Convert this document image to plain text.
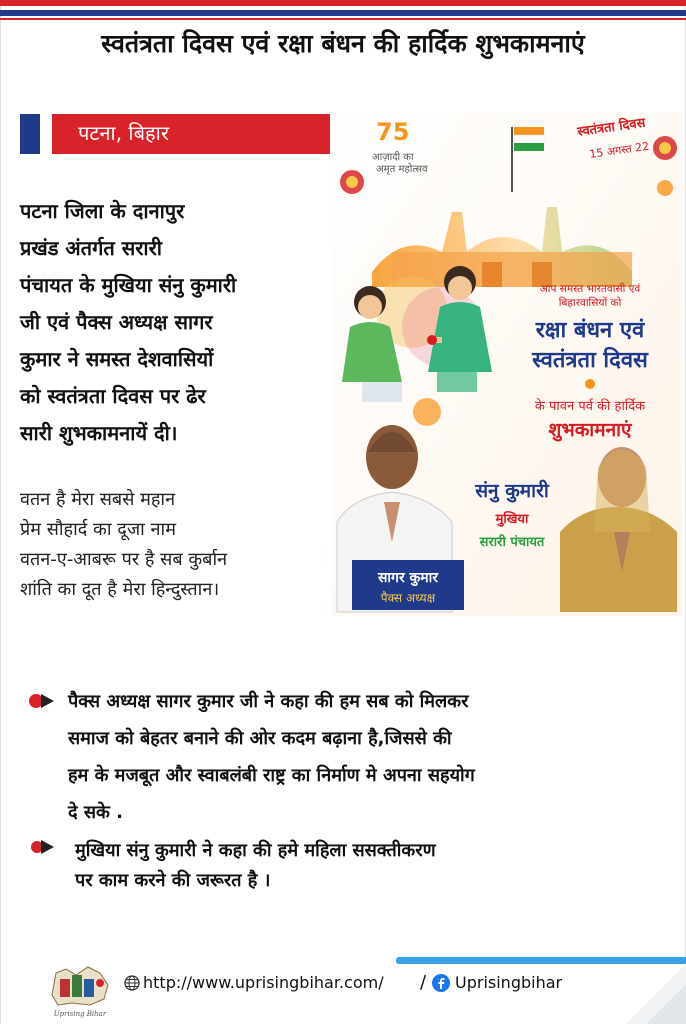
स्वतंत्रता दिवस एवं रक्षा बंधन की हार्दिक शुभकामनाएं
पटना, बिहार

पटना जिला के दानापुर
प्रखंड अंतर्गत सरारी
पंचायत के मुखिया संनु कुमारी
जी एवं पैक्स अध्यक्ष सागर
कुमार ने समस्त देशवासियों
को स्वतंत्रता दिवस पर ढेर
सारी शुभकामनायें दी।

वतन है मेरा सबसे महान
प्रेम सौहार्द का दूजा नाम
वतन-ए-आबरू पर है सब कुर्बान
शांति का दूत है मेरा हिन्दुस्तान।

75
आज़ादी का
अमृत महोत्सव
स्वतंत्रता दिवस
15 अगस्त 22
आप समस्त भारतवासी एवं
बिहारवासियों को
रक्षा बंधन एवं
स्वतंत्रता दिवस
के पावन पर्व की हार्दिक
शुभकामनाएं
सागर कुमार
पैक्स अध्यक्ष
संनु कुमारी
मुखिया
सरारी पंचायत

पैक्स अध्यक्ष सागर कुमार जी ने कहा की हम सब को मिलकर
समाज को बेहतर बनाने की ओर कदम बढ़ाना है,जिससे की
हम के मजबूत और स्वाबलंबी राष्ट्र का निर्माण मे अपना सहयोग
दे सके .

मुखिया संनु कुमारी ने कहा की हमे महिला ससक्तीकरण
पर काम करने की जरूरत है ।

Uprising Bihar
http://www.uprisingbihar.com/ / Uprisingbihar
